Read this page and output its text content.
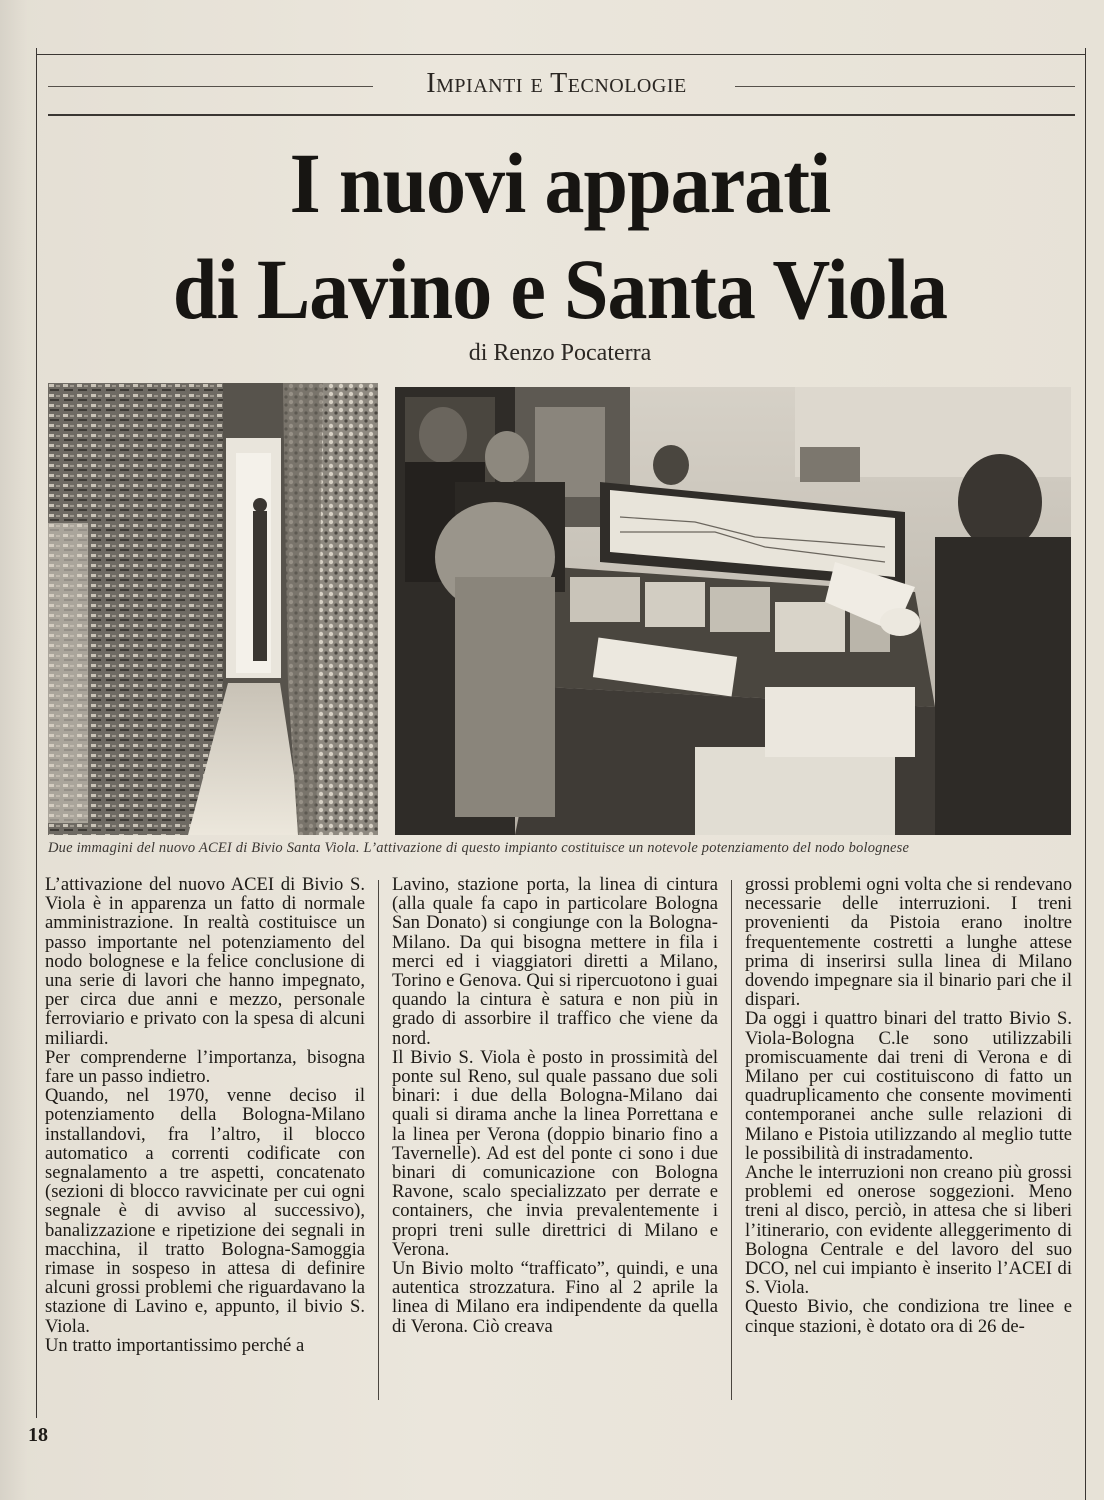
Impianti e Tecnologie
I nuovi apparati
di Lavino e Santa Viola
di Renzo Pocaterra
Due immagini del nuovo ACEI di Bivio Santa Viola. L’attivazione di questo impianto costituisce un notevole potenziamento del nodo bolognese

L’attivazione del nuovo ACEI di Bivio S. Viola è in apparenza un fatto di normale amministrazione. In realtà costituisce un passo importante nel potenziamento del nodo bolognese e la felice conclusione di una serie di lavori che hanno impegnato, per circa due anni e mezzo, personale ferroviario e privato con la spesa di alcuni miliardi.

Per comprenderne l’importanza, bisogna fare un passo indietro.

Quando, nel 1970, venne deciso il potenziamento della Bologna-Milano installandovi, fra l’altro, il blocco automatico a correnti codificate con segnalamento a tre aspetti, concatenato (sezioni di blocco ravvicinate per cui ogni segnale è di avviso al successivo), banalizzazione e ripetizione dei segnali in macchina, il tratto Bologna-Samoggia rimase in sospeso in attesa di definire alcuni grossi problemi che riguardavano la stazione di Lavino e, appunto, il bivio S. Viola.

Un tratto importantissimo perché a

Lavino, stazione porta, la linea di cintura (alla quale fa capo in particolare Bologna San Donato) si congiunge con la Bologna-Milano. Da qui bisogna mettere in fila i merci ed i viaggiatori diretti a Milano, Torino e Genova. Qui si ripercuotono i guai quando la cintura è satura e non più in grado di assorbire il traffico che viene da nord.

Il Bivio S. Viola è posto in prossimità del ponte sul Reno, sul quale passano due soli binari: i due della Bologna-Milano dai quali si dirama anche la linea Porrettana e la linea per Verona (doppio binario fino a Tavernelle). Ad est del ponte ci sono i due binari di comunicazione con Bologna Ravone, scalo specializzato per derrate e containers, che invia prevalentemente i propri treni sulle direttrici di Milano e Verona.

Un Bivio molto “trafficato”, quindi, e una autentica strozzatura. Fino al 2 aprile la linea di Milano era indipendente da quella di Verona. Ciò creava

grossi problemi ogni volta che si rendevano necessarie delle interruzioni. I treni provenienti da Pistoia erano inoltre frequentemente costretti a lunghe attese prima di inserirsi sulla linea di Milano dovendo impegnare sia il binario pari che il dispari.

Da oggi i quattro binari del tratto Bivio S. Viola-Bologna C.le sono utilizzabili promiscuamente dai treni di Verona e di Milano per cui costituiscono di fatto un quadruplicamento che consente movimenti contemporanei anche sulle relazioni di Milano e Pistoia utilizzando al meglio tutte le possibilità di instradamento.

Anche le interruzioni non creano più grossi problemi ed onerose soggezioni. Meno treni al disco, perciò, in attesa che si liberi l’itinerario, con evidente alleggerimento di Bologna Centrale e del lavoro del suo DCO, nel cui impianto è inserito l’ACEI di S. Viola.

Questo Bivio, che condiziona tre linee e cinque stazioni, è dotato ora di 26 de-

18
